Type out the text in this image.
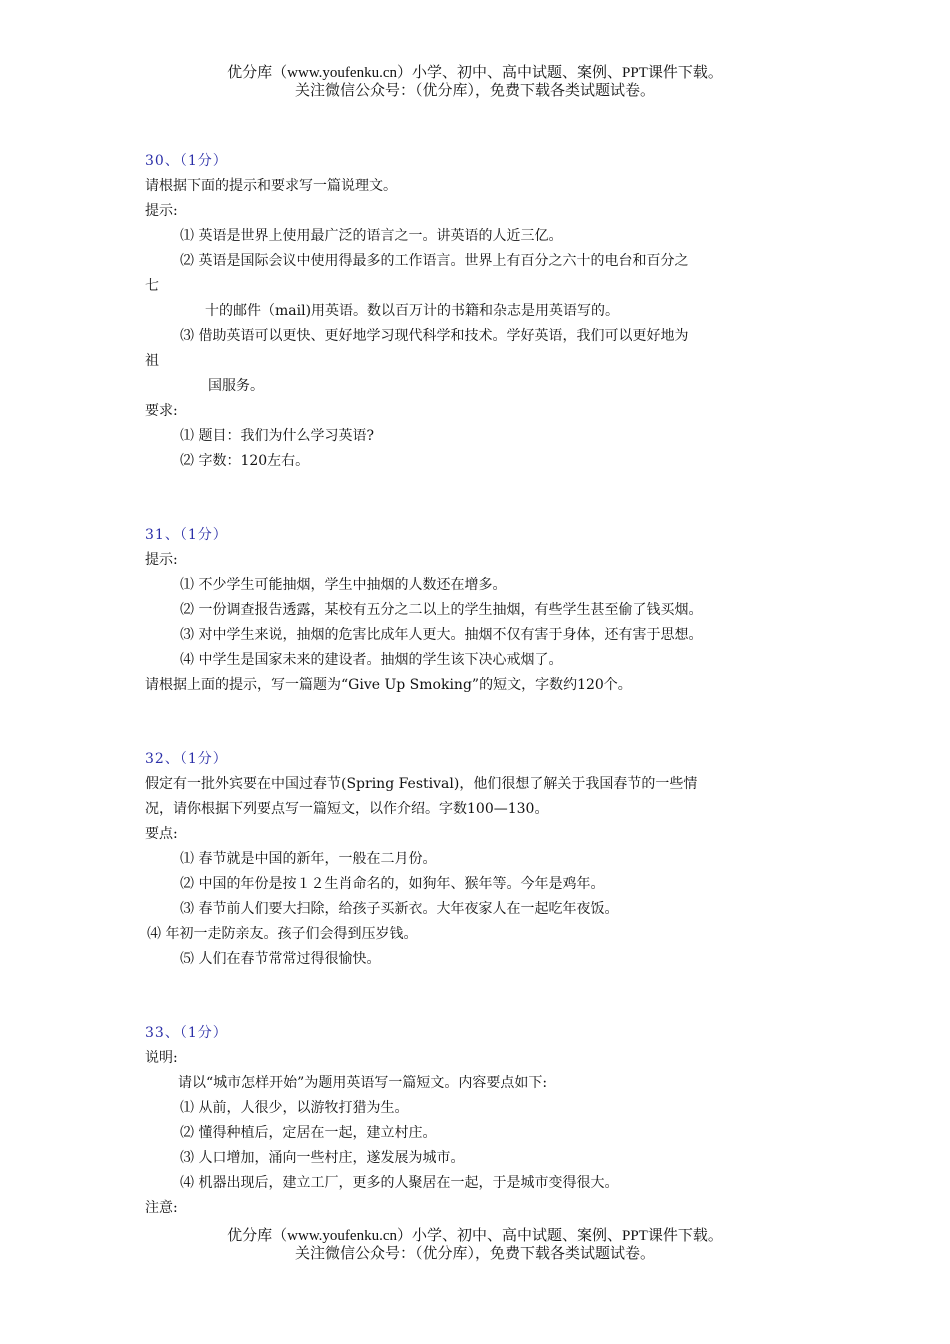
优分库（www.youfenku.cn）小学、初中、高中试题、案例、PPT课件下载。
关注微信公众号：（优分库），免费下载各类试题试卷。
30、（1分）
请根据下面的提示和要求写一篇说理文。
提示:
⑴ 英语是世界上使用最广泛的语言之一。讲英语的人近三亿。
⑵ 英语是国际会议中使用得最多的工作语言。世界上有百分之六十的电台和百分之
七
十的邮件（mail)用英语。数以百万计的书籍和杂志是用英语写的。
⑶ 借助英语可以更快、更好地学习现代科学和技术。学好英语，我们可以更好地为
祖
国服务。
要求:
⑴ 题目：我们为什么学习英语?
⑵ 字数：120左右。
31、（1分）
提示:
⑴ 不少学生可能抽烟，学生中抽烟的人数还在增多。
⑵ 一份调查报告透露，某校有五分之二以上的学生抽烟，有些学生甚至偷了钱买烟。
⑶ 对中学生来说，抽烟的危害比成年人更大。抽烟不仅有害于身体，还有害于思想。
⑷ 中学生是国家未来的建设者。抽烟的学生该下决心戒烟了。
请根据上面的提示，写一篇题为“Give Up Smoking”的短文，字数约120个。
32、（1分）
假定有一批外宾要在中国过春节(Spring Festival)，他们很想了解关于我国春节的一些情
况，请你根据下列要点写一篇短文，以作介绍。字数100—130。
要点:
⑴ 春节就是中国的新年，一般在二月份。
⑵ 中国的年份是按１２生肖命名的，如狗年、猴年等。今年是鸡年。
⑶ 春节前人们要大扫除，给孩子买新衣。大年夜家人在一起吃年夜饭。
⑷ 年初一走防亲友。孩子们会得到压岁钱。
⑸ 人们在春节常常过得很愉快。
33、（1分）
说明:
请以“城市怎样开始”为题用英语写一篇短文。内容要点如下:
⑴ 从前，人很少，以游牧打猎为生。
⑵ 懂得种植后，定居在一起，建立村庄。
⑶ 人口增加，涌向一些村庄，遂发展为城市。
⑷ 机器出现后，建立工厂，更多的人聚居在一起，于是城市变得很大。
注意:
优分库（www.youfenku.cn）小学、初中、高中试题、案例、PPT课件下载。
关注微信公众号：（优分库），免费下载各类试题试卷。
